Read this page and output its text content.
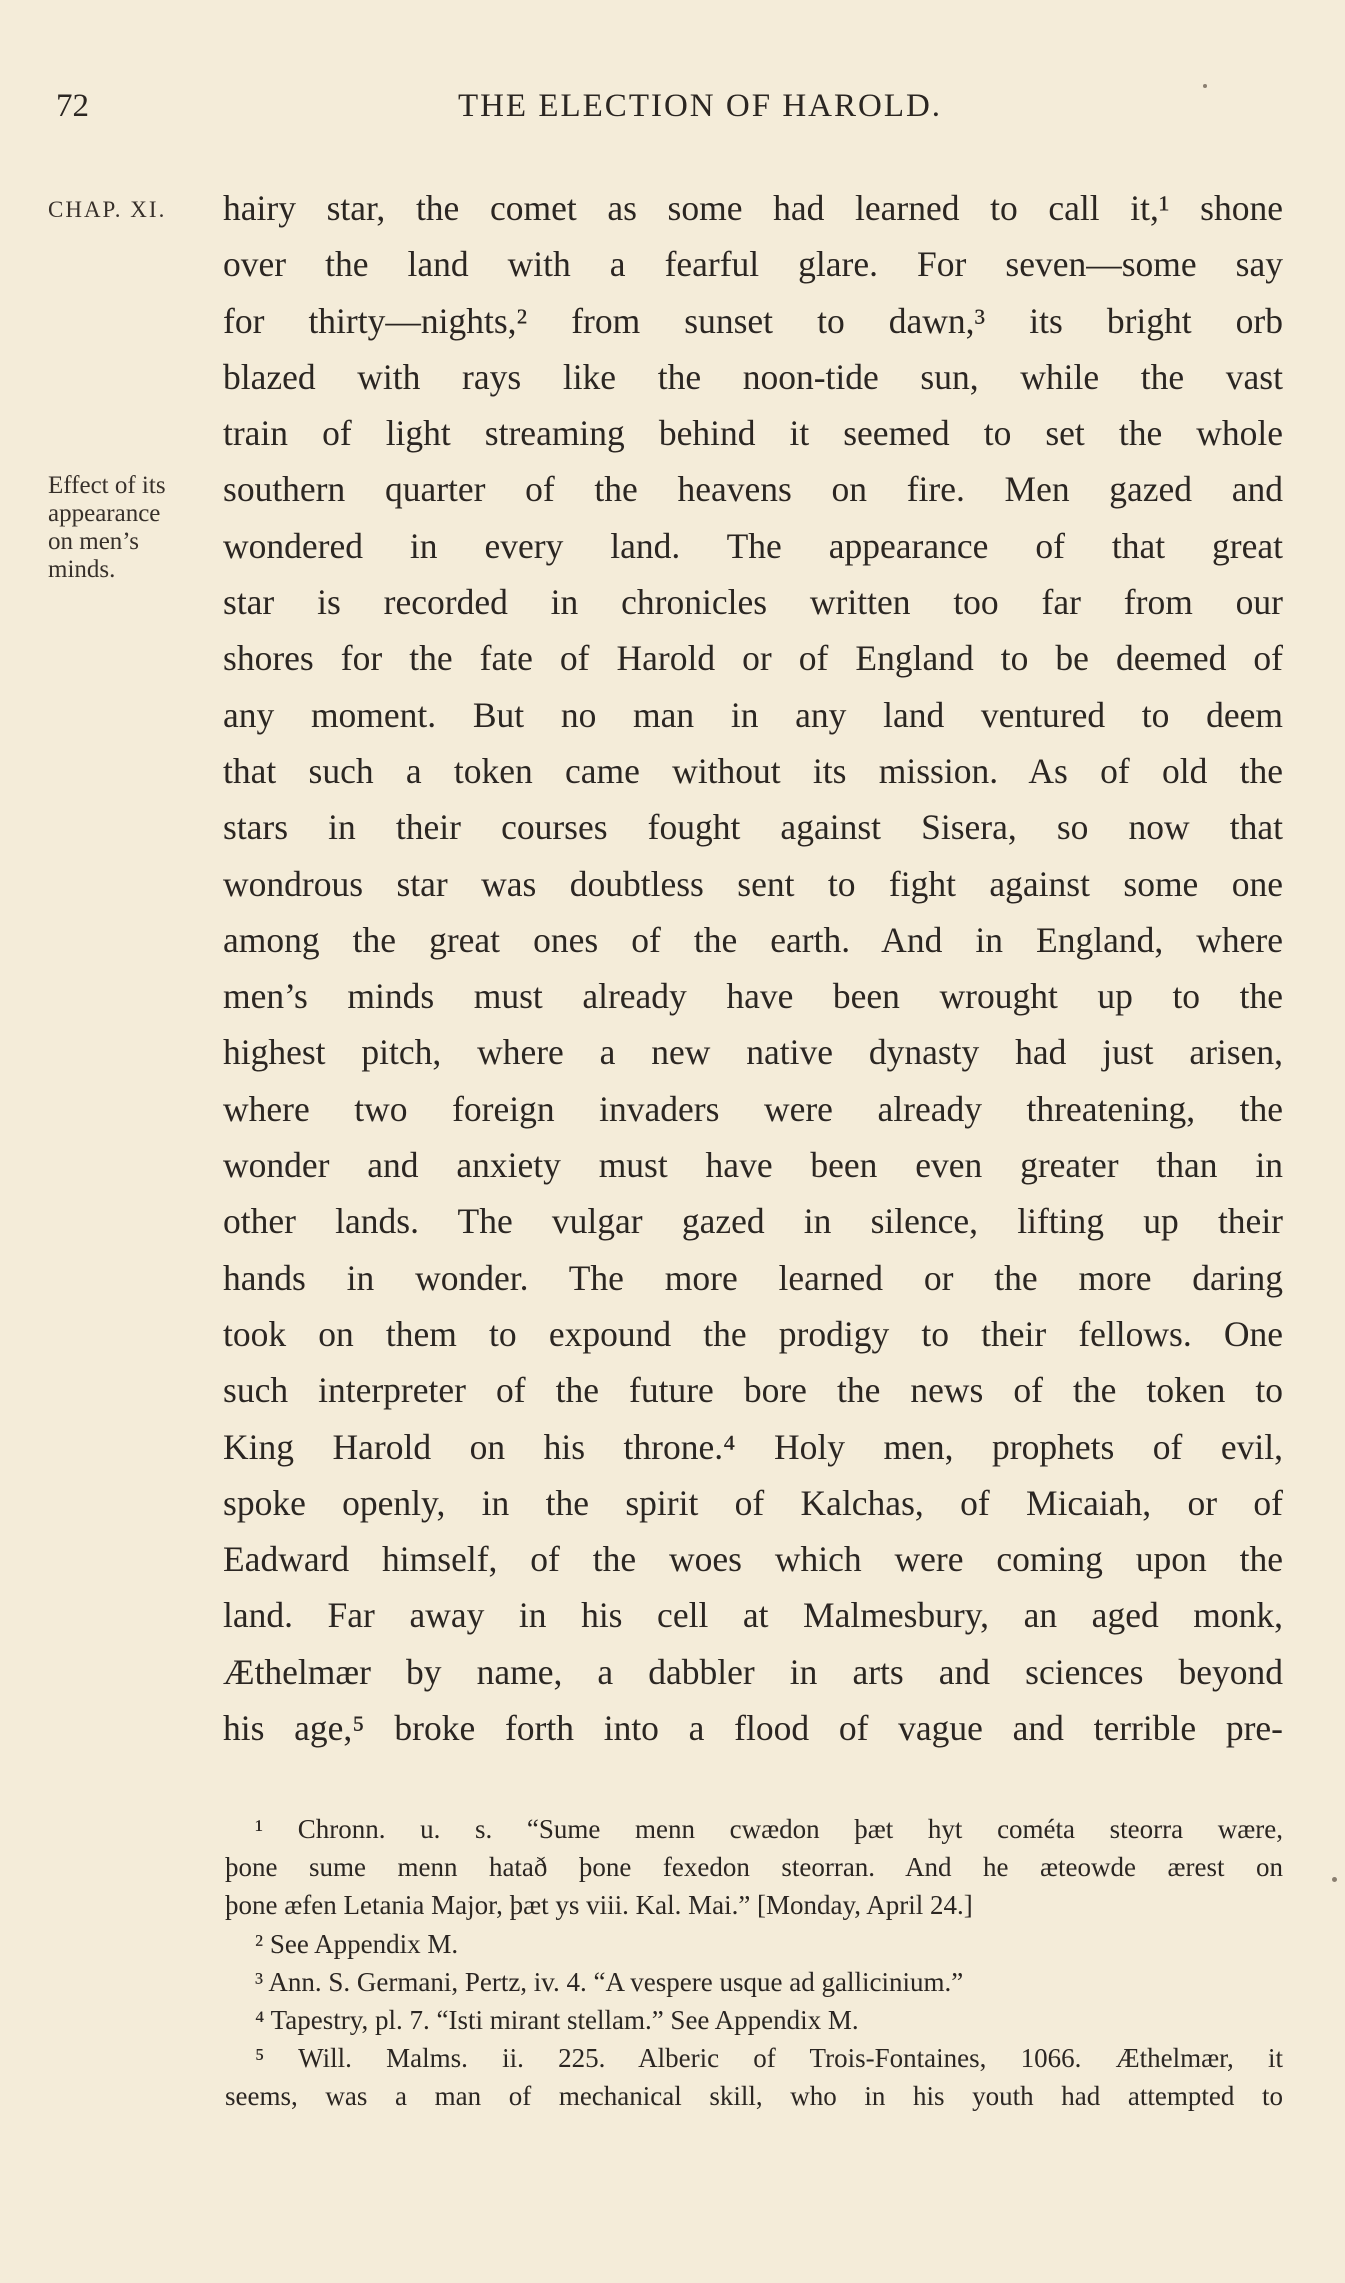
72	THE ELECTION OF HAROLD.
CHAP. XI.
Effect of its
appearance
on men’s
minds.
hairy star, the comet as some had learned to call it,¹ shone
over the land with a fearful glare. For seven—some say
for thirty—nights,² from sunset to dawn,³ its bright orb
blazed with rays like the noon-tide sun, while the vast
train of light streaming behind it seemed to set the whole
southern quarter of the heavens on fire. Men gazed and
wondered in every land. The appearance of that great
star is recorded in chronicles written too far from our
shores for the fate of Harold or of England to be deemed of
any moment. But no man in any land ventured to deem
that such a token came without its mission. As of old the
stars in their courses fought against Sisera, so now that
wondrous star was doubtless sent to fight against some one
among the great ones of the earth. And in England, where
men’s minds must already have been wrought up to the
highest pitch, where a new native dynasty had just arisen,
where two foreign invaders were already threatening, the
wonder and anxiety must have been even greater than in
other lands. The vulgar gazed in silence, lifting up their
hands in wonder. The more learned or the more daring
took on them to expound the prodigy to their fellows. One
such interpreter of the future bore the news of the token to
King Harold on his throne.⁴ Holy men, prophets of evil,
spoke openly, in the spirit of Kalchas, of Micaiah, or of
Eadward himself, of the woes which were coming upon the
land. Far away in his cell at Malmesbury, an aged monk,
Æthelmær by name, a dabbler in arts and sciences beyond
his age,⁵ broke forth into a flood of vague and terrible pre-
¹ Chronn. u. s. “Sume menn cwædon þæt hyt cométa steorra wære,
þone sume menn hatað þone fexedon steorran. And he æteowde ærest on
þone æfen Letania Major, þæt ys viii. Kal. Mai.” [Monday, April 24.]
² See Appendix M.
³ Ann. S. Germani, Pertz, iv. 4. “A vespere usque ad gallicinium.”
⁴ Tapestry, pl. 7. “Isti mirant stellam.” See Appendix M.
⁵ Will. Malms. ii. 225. Alberic of Trois-Fontaines, 1066. Æthelmær, it
seems, was a man of mechanical skill, who in his youth had attempted to
